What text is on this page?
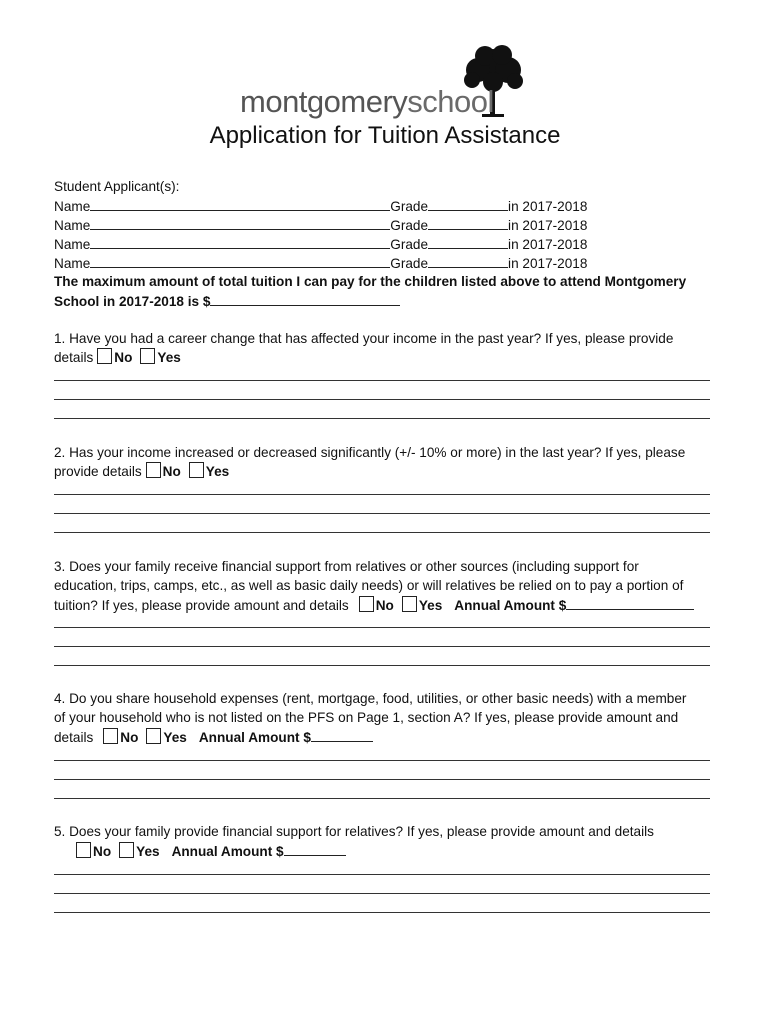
montgomeryschool
Application for Tuition Assistance
Student Applicant(s):
Name	Grade	in 2017-2018
Name	Grade	in 2017-2018
Name	Grade	in 2017-2018
Name	Grade	in 2017-2018
The maximum amount of total tuition I can pay for the children listed above to attend Montgomery
School in 2017-2018 is $
1. Have you had a career change that has affected your income in the past year? If yes, please provide
details No Yes
2. Has your income increased or decreased significantly (+/- 10% or more) in the last year? If yes, please
provide details No Yes
3. Does your family receive financial support from relatives or other sources (including support for
education, trips, camps, etc., as well as basic daily needs) or will relatives be relied on to pay a portion of
tuition? If yes, please provide amount and details No Yes Annual Amount $
4. Do you share household expenses (rent, mortgage, food, utilities, or other basic needs) with a member
of your household who is not listed on the PFS on Page 1, section A? If yes, please provide amount and
details No Yes Annual Amount $
5. Does your family provide financial support for relatives? If yes, please provide amount and details
No Yes Annual Amount $
